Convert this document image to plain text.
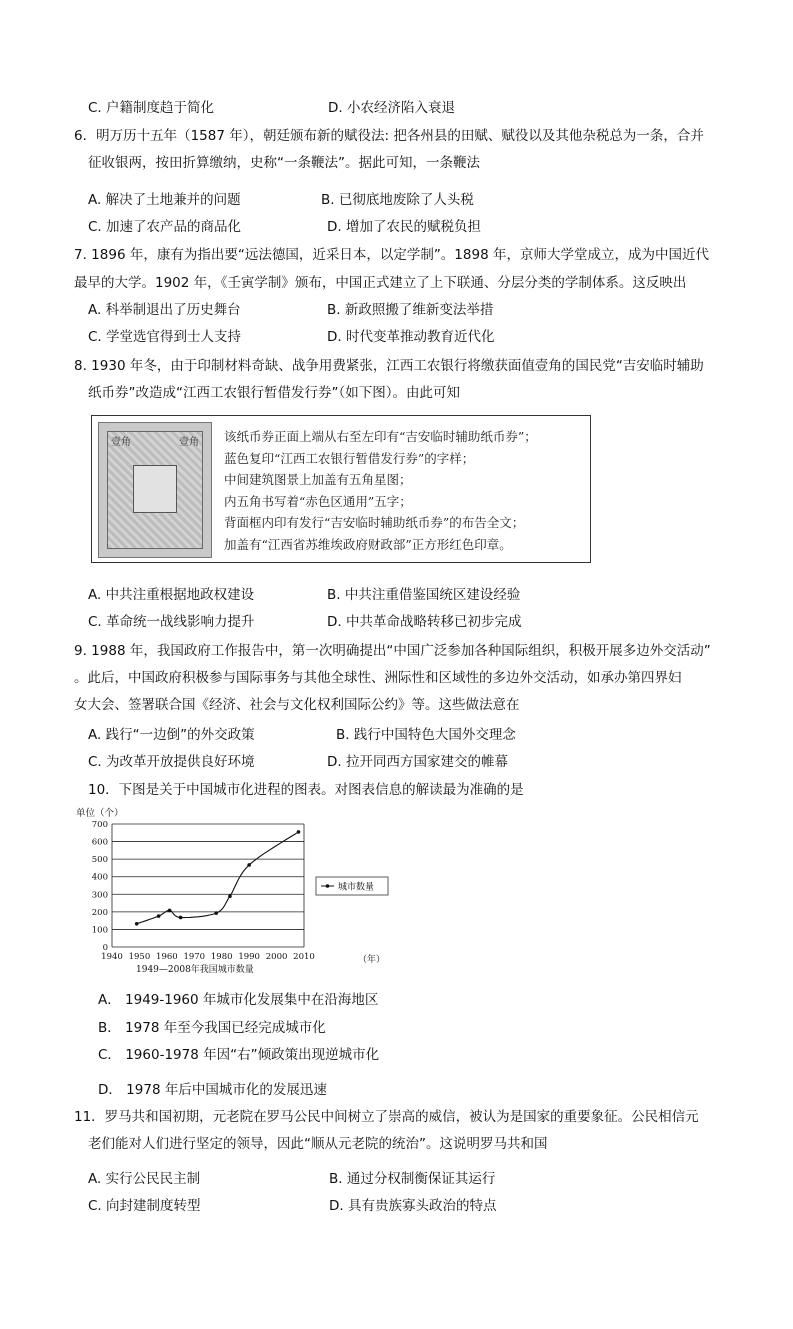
C. 户籍制度趋于简化	D. 小农经济陷入衰退
6．明万历十五年（1587 年），朝廷颁布新的赋役法: 把各州县的田赋、赋役以及其他杂税总为一条，合并
征收银两，按田折算缴纳，史称“一条鞭法”。据此可知，一条鞭法
A. 解决了土地兼并的问题	B. 已彻底地废除了人头税
C. 加速了农产品的商品化	D. 增加了农民的赋税负担
7. 1896 年，康有为指出要“远法德国，近采日本，以定学制”。1898 年，京师大学堂成立，成为中国近代
最早的大学。1902 年，《壬寅学制》颁布，中国正式建立了上下联通、分层分类的学制体系。这反映出
A. 科举制退出了历史舞台	B. 新政照搬了维新变法举措
C. 学堂选官得到士人支持	D. 时代变革推动教育近代化
8. 1930 年冬，由于印制材料奇缺、战争用费紧张，江西工农银行将缴获面值壹角的国民党“吉安临时辅助
纸币券”改造成“江西工农银行暂借发行券”（如下图）。由此可知
壹角	壹角 该纸币券正面上端从右至左印有“吉安临时辅助纸币券”；
蓝色复印“江西工农银行暂借发行券”的字样；
中间建筑图景上加盖有五角星图；
内五角书写着“赤色区通用”五字；
背面框内印有发行“吉安临时辅助纸币券”的布告全文；
加盖有“江西省苏维埃政府财政部”正方形红色印章。
A. 中共注重根据地政权建设	B. 中共注重借鉴国统区建设经验
C. 革命统一战线影响力提升	D. 中共革命战略转移已初步完成
9. 1988 年，我国政府工作报告中，第一次明确提出“中国广泛参加各种国际组织，积极开展多边外交活动”
。此后，中国政府积极参与国际事务与其他全球性、洲际性和区域性的多边外交活动，如承办第四界妇
女大会、签署联合国《经济、社会与文化权利国际公约》等。这些做法意在
A. 践行“一边倒”的外交政策	B. 践行中国特色大国外交理念
C. 为改革开放提供良好环境	D. 拉开同西方国家建交的帷幕
10．下图是关于中国城市化进程的图表。对图表信息的解读最为准确的是
单位（个）
0
100
200
300
400
500
600
700
1940 1950 1960 1970 1980 1990 2000 2010
城市数量
（年）
1949—2008年我国城市数量
A． 1949-1960 年城市化发展集中在沿海地区
B． 1978 年至今我国已经完成城市化
C． 1960-1978 年因“右”倾政策出现逆城市化
D． 1978 年后中国城市化的发展迅速
11．罗马共和国初期，元老院在罗马公民中间树立了崇高的威信，被认为是国家的重要象征。公民相信元
老们能对人们进行坚定的领导，因此“顺从元老院的统治”。这说明罗马共和国
A. 实行公民民主制	B. 通过分权制衡保证其运行
C. 向封建制度转型	D. 具有贵族寡头政治的特点
